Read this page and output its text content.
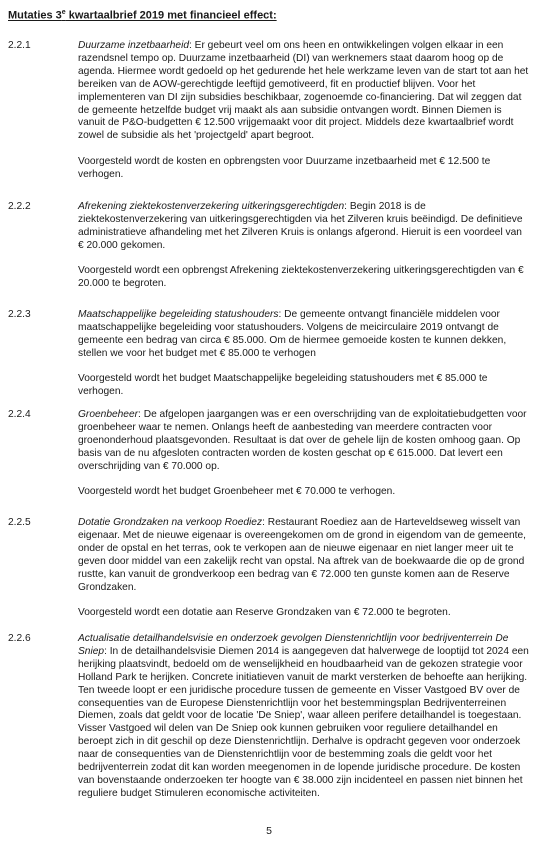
Mutaties 3e kwartaalbrief 2019 met financieel effect:
2.2.1	Duurzame inzetbaarheid: Er gebeurt veel om ons heen en ontwikkelingen volgen elkaar in een razendsnel tempo op. Duurzame inzetbaarheid (DI) van werknemers staat daarom hoog op de agenda. Hiermee wordt gedoeld op het gedurende het hele werkzame leven van de start tot aan het bereiken van de AOW-gerechtigde leeftijd gemotiveerd, fit en productief blijven. Voor het implementeren van DI zijn subsidies beschikbaar, zogenoemde co-financiering. Dat wil zeggen dat de gemeente hetzelfde budget vrij maakt als aan subsidie ontvangen wordt. Binnen Diemen is vanuit de P&O-budgetten € 12.500 vrijgemaakt voor dit project. Middels deze kwartaalbrief wordt zowel de subsidie als het 'projectgeld' apart begroot.

Voorgesteld wordt de kosten en opbrengsten voor Duurzame inzetbaarheid met € 12.500 te verhogen.

2.2.2	Afrekening ziektekostenverzekering uitkeringsgerechtigden: Begin 2018 is de ziektekostenverzekering van uitkeringsgerechtigden via het Zilveren kruis beëindigd. De definitieve administratieve afhandeling met het Zilveren Kruis is onlangs afgerond. Hieruit is een voordeel van € 20.000 gekomen.

Voorgesteld wordt een opbrengst Afrekening ziektekostenverzekering uitkeringsgerechtigden van € 20.000 te begroten.

2.2.3	Maatschappelijke begeleiding statushouders: De gemeente ontvangt financiële middelen voor maatschappelijke begeleiding voor statushouders. Volgens de meicirculaire 2019 ontvangt de gemeente een bedrag van circa € 85.000. Om de hiermee gemoeide kosten te kunnen dekken, stellen we voor het budget met € 85.000 te verhogen

Voorgesteld wordt het budget Maatschappelijke begeleiding statushouders met € 85.000 te verhogen.

2.2.4	Groenbeheer: De afgelopen jaargangen was er een overschrijding van de exploitatiebudgetten voor groenbeheer waar te nemen. Onlangs heeft de aanbesteding van meerdere contracten voor groenonderhoud plaatsgevonden. Resultaat is dat over de gehele lijn de kosten omhoog gaan. Op basis van de nu afgesloten contracten worden de kosten geschat op € 615.000. Dat levert een overschrijding van € 70.000 op.

Voorgesteld wordt het budget Groenbeheer met € 70.000 te verhogen.

2.2.5	Dotatie Grondzaken na verkoop Roediez: Restaurant Roediez aan de Harteveldseweg wisselt van eigenaar. Met de nieuwe eigenaar is overeengekomen om de grond in eigendom van de gemeente, onder de opstal en het terras, ook te verkopen aan de nieuwe eigenaar en niet langer meer uit te geven door middel van een zakelijk recht van opstal. Na aftrek van de boekwaarde die op de grond rustte, kan vanuit de grondverkoop een bedrag van € 72.000 ten gunste komen aan de Reserve Grondzaken.

Voorgesteld wordt een dotatie aan Reserve Grondzaken van € 72.000 te begroten.

2.2.6	Actualisatie detailhandelsvisie en onderzoek gevolgen Dienstenrichtlijn voor bedrijventerrein De Sniep: In de detailhandelsvisie Diemen 2014 is aangegeven dat halverwege de looptijd tot 2024 een herijking plaatsvindt, bedoeld om de wenselijkheid en houdbaarheid van de gekozen strategie voor Holland Park te herijken. Concrete initiatieven vanuit de markt versterken de behoefte aan herijking. Ten tweede loopt er een juridische procedure tussen de gemeente en Visser Vastgoed BV over de consequenties van de Europese Dienstenrichtlijn voor het bestemmingsplan Bedrijventerreinen Diemen, zoals dat geldt voor de locatie 'De Sniep', waar alleen perifere detailhandel is toegestaan. Visser Vastgoed wil delen van De Sniep ook kunnen gebruiken voor reguliere detailhandel en beroept zich in dit geschil op deze Dienstenrichtlijn. Derhalve is opdracht gegeven voor onderzoek naar de consequenties van de Dienstenrichtlijn voor de bestemming zoals die geldt voor het bedrijventerrein zodat dit kan worden meegenomen in de lopende juridische procedure. De kosten van bovenstaande onderzoeken ter hoogte van € 38.000 zijn incidenteel en passen niet binnen het reguliere budget Stimuleren economische activiteiten.

5
